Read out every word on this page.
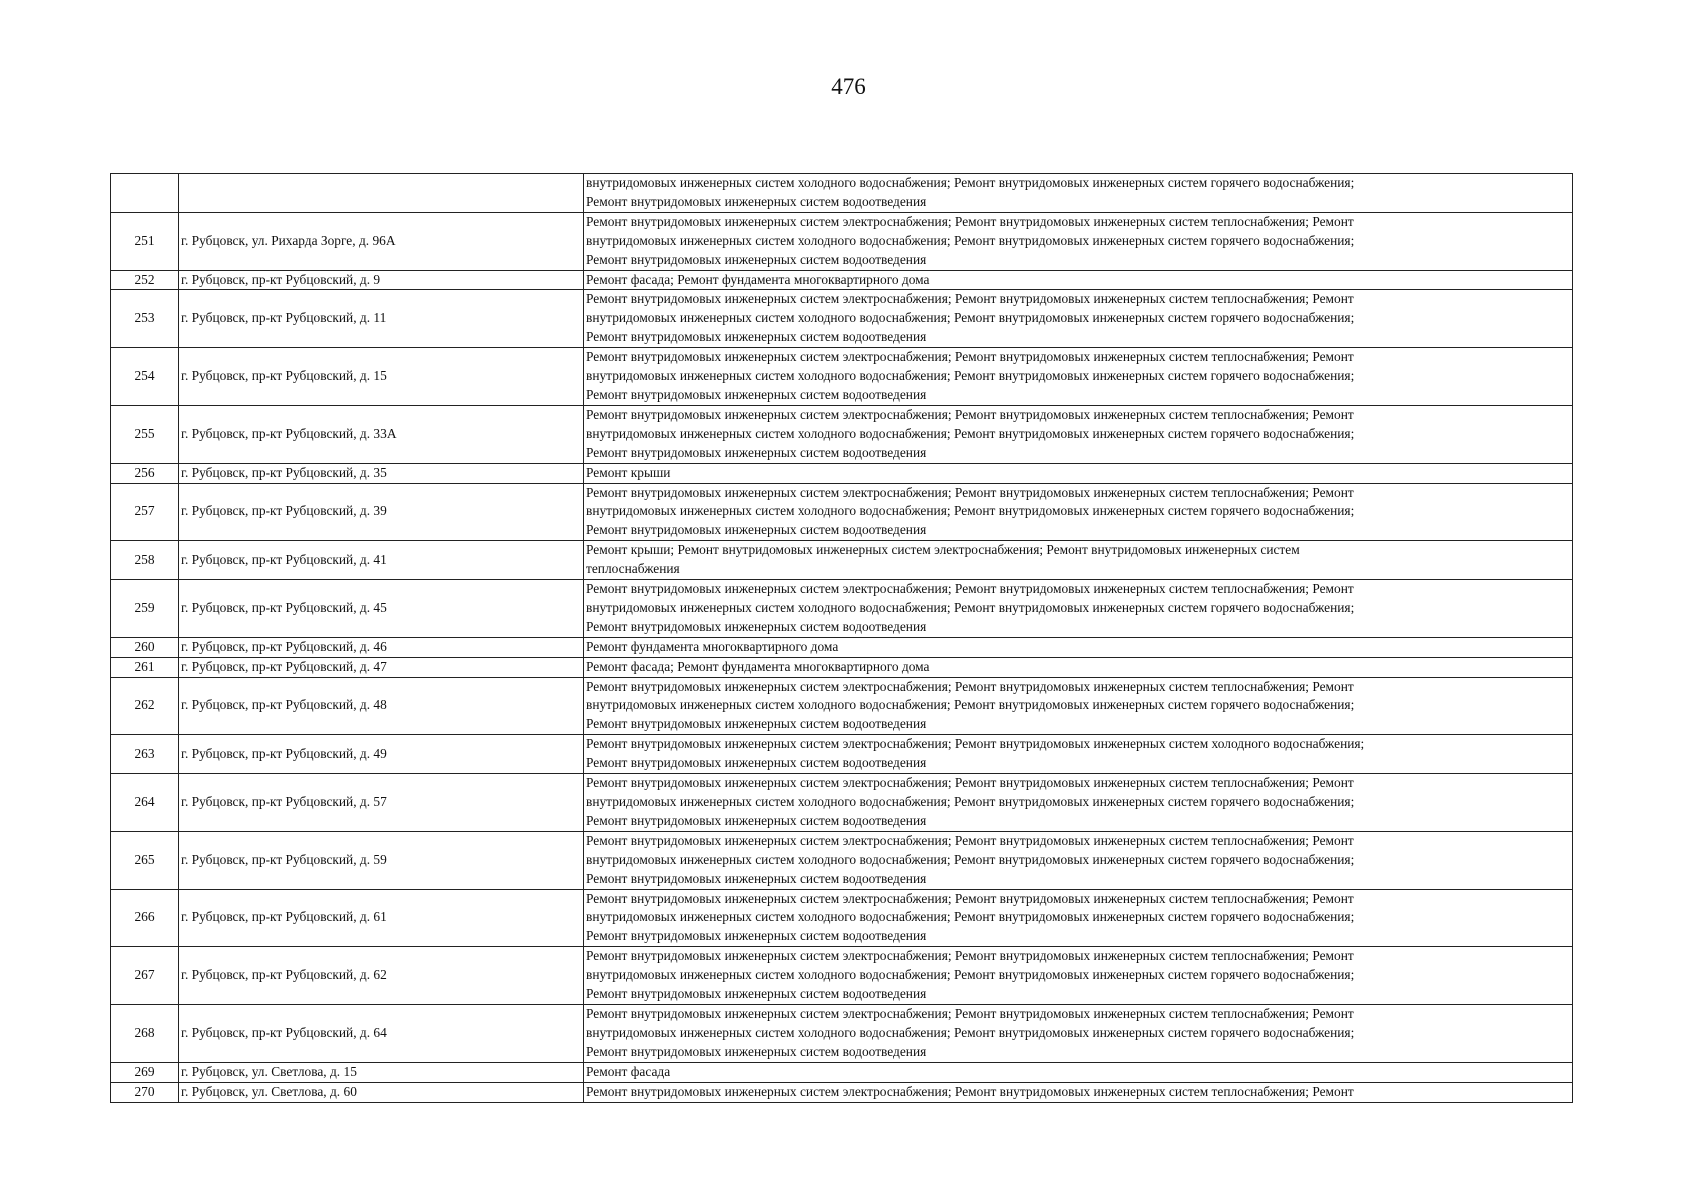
476

		внутридомовых инженерных систем холодного водоснабжения; Ремонт внутридомовых инженерных систем горячего водоснабжения;
Ремонт внутридомовых инженерных систем водоотведения

251	г. Рубцовск, ул. Рихарда Зорге, д. 96А	Ремонт внутридомовых инженерных систем электроснабжения; Ремонт внутридомовых инженерных систем теплоснабжения; Ремонт
внутридомовых инженерных систем холодного водоснабжения; Ремонт внутридомовых инженерных систем горячего водоснабжения;
Ремонт внутридомовых инженерных систем водоотведения

252	г. Рубцовск, пр-кт Рубцовский, д. 9	Ремонт фасада; Ремонт фундамента многоквартирного дома

253	г. Рубцовск, пр-кт Рубцовский, д. 11	Ремонт внутридомовых инженерных систем электроснабжения; Ремонт внутридомовых инженерных систем теплоснабжения; Ремонт
внутридомовых инженерных систем холодного водоснабжения; Ремонт внутридомовых инженерных систем горячего водоснабжения;
Ремонт внутридомовых инженерных систем водоотведения

254	г. Рубцовск, пр-кт Рубцовский, д. 15	Ремонт внутридомовых инженерных систем электроснабжения; Ремонт внутридомовых инженерных систем теплоснабжения; Ремонт
внутридомовых инженерных систем холодного водоснабжения; Ремонт внутридомовых инженерных систем горячего водоснабжения;
Ремонт внутридомовых инженерных систем водоотведения

255	г. Рубцовск, пр-кт Рубцовский, д. 33А	Ремонт внутридомовых инженерных систем электроснабжения; Ремонт внутридомовых инженерных систем теплоснабжения; Ремонт
внутридомовых инженерных систем холодного водоснабжения; Ремонт внутридомовых инженерных систем горячего водоснабжения;
Ремонт внутридомовых инженерных систем водоотведения

256	г. Рубцовск, пр-кт Рубцовский, д. 35	Ремонт крыши

257	г. Рубцовск, пр-кт Рубцовский, д. 39	Ремонт внутридомовых инженерных систем электроснабжения; Ремонт внутридомовых инженерных систем теплоснабжения; Ремонт
внутридомовых инженерных систем холодного водоснабжения; Ремонт внутридомовых инженерных систем горячего водоснабжения;
Ремонт внутридомовых инженерных систем водоотведения

258	г. Рубцовск, пр-кт Рубцовский, д. 41	Ремонт крыши; Ремонт внутридомовых инженерных систем электроснабжения; Ремонт внутридомовых инженерных систем
теплоснабжения

259	г. Рубцовск, пр-кт Рубцовский, д. 45	Ремонт внутридомовых инженерных систем электроснабжения; Ремонт внутридомовых инженерных систем теплоснабжения; Ремонт
внутридомовых инженерных систем холодного водоснабжения; Ремонт внутридомовых инженерных систем горячего водоснабжения;
Ремонт внутридомовых инженерных систем водоотведения

260	г. Рубцовск, пр-кт Рубцовский, д. 46	Ремонт фундамента многоквартирного дома

261	г. Рубцовск, пр-кт Рубцовский, д. 47	Ремонт фасада; Ремонт фундамента многоквартирного дома

262	г. Рубцовск, пр-кт Рубцовский, д. 48	Ремонт внутридомовых инженерных систем электроснабжения; Ремонт внутридомовых инженерных систем теплоснабжения; Ремонт
внутридомовых инженерных систем холодного водоснабжения; Ремонт внутридомовых инженерных систем горячего водоснабжения;
Ремонт внутридомовых инженерных систем водоотведения

263	г. Рубцовск, пр-кт Рубцовский, д. 49	Ремонт внутридомовых инженерных систем электроснабжения; Ремонт внутридомовых инженерных систем холодного водоснабжения;
Ремонт внутридомовых инженерных систем водоотведения

264	г. Рубцовск, пр-кт Рубцовский, д. 57	Ремонт внутридомовых инженерных систем электроснабжения; Ремонт внутридомовых инженерных систем теплоснабжения; Ремонт
внутридомовых инженерных систем холодного водоснабжения; Ремонт внутридомовых инженерных систем горячего водоснабжения;
Ремонт внутридомовых инженерных систем водоотведения

265	г. Рубцовск, пр-кт Рубцовский, д. 59	Ремонт внутридомовых инженерных систем электроснабжения; Ремонт внутридомовых инженерных систем теплоснабжения; Ремонт
внутридомовых инженерных систем холодного водоснабжения; Ремонт внутридомовых инженерных систем горячего водоснабжения;
Ремонт внутридомовых инженерных систем водоотведения

266	г. Рубцовск, пр-кт Рубцовский, д. 61	Ремонт внутридомовых инженерных систем электроснабжения; Ремонт внутридомовых инженерных систем теплоснабжения; Ремонт
внутридомовых инженерных систем холодного водоснабжения; Ремонт внутридомовых инженерных систем горячего водоснабжения;
Ремонт внутридомовых инженерных систем водоотведения

267	г. Рубцовск, пр-кт Рубцовский, д. 62	Ремонт внутридомовых инженерных систем электроснабжения; Ремонт внутридомовых инженерных систем теплоснабжения; Ремонт
внутридомовых инженерных систем холодного водоснабжения; Ремонт внутридомовых инженерных систем горячего водоснабжения;
Ремонт внутридомовых инженерных систем водоотведения

268	г. Рубцовск, пр-кт Рубцовский, д. 64	Ремонт внутридомовых инженерных систем электроснабжения; Ремонт внутридомовых инженерных систем теплоснабжения; Ремонт
внутридомовых инженерных систем холодного водоснабжения; Ремонт внутридомовых инженерных систем горячего водоснабжения;
Ремонт внутридомовых инженерных систем водоотведения

269	г. Рубцовск, ул. Светлова, д. 15	Ремонт фасада

270	г. Рубцовск, ул. Светлова, д. 60	Ремонт внутридомовых инженерных систем электроснабжения; Ремонт внутридомовых инженерных систем теплоснабжения; Ремонт
